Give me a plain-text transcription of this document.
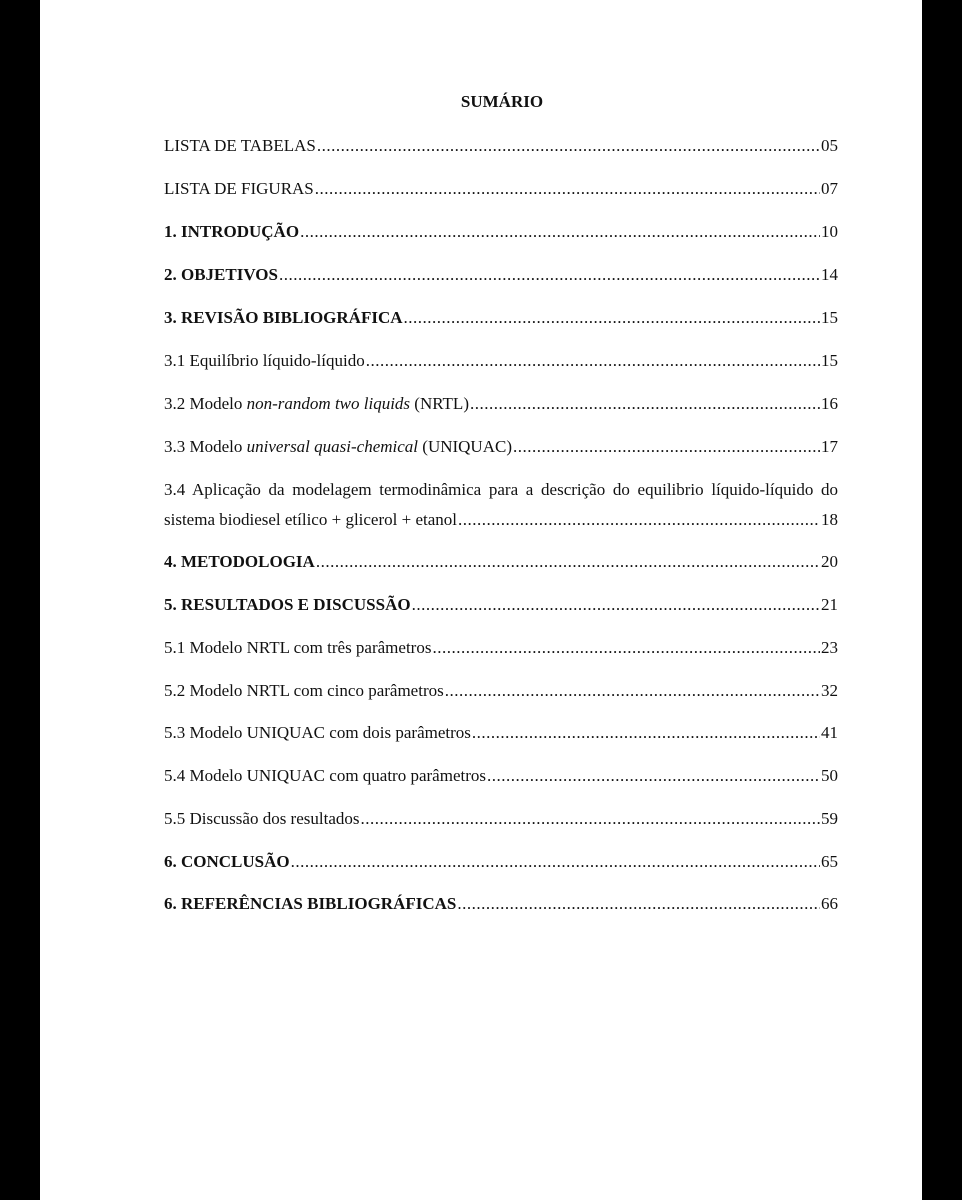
SUMÁRIO
LISTA DE TABELAS .....	05
LISTA DE FIGURAS .....	07
1. INTRODUÇÃO .....	10
2. OBJETIVOS .....	14
3. REVISÃO BIBLIOGRÁFICA .....	15
3.1 Equilíbrio líquido-líquido .....	15
3.2 Modelo non-random two liquids (NRTL) .....	16
3.3 Modelo universal quasi-chemical (UNIQUAC) .....	17
3.4 Aplicação da modelagem termodinâmica para a descrição do equilibrio líquido-líquido do
sistema biodiesel etílico + glicerol + etanol .....	18
4. METODOLOGIA .....	20
5. RESULTADOS E DISCUSSÃO .....	21
5.1 Modelo NRTL com três parâmetros .....	23
5.2 Modelo NRTL com cinco parâmetros .....	32
5.3 Modelo UNIQUAC com dois parâmetros .....	41
5.4 Modelo UNIQUAC com quatro parâmetros .....	50
5.5 Discussão dos resultados .....	59
6. CONCLUSÃO .....	65
6. REFERÊNCIAS BIBLIOGRÁFICAS .....	66
